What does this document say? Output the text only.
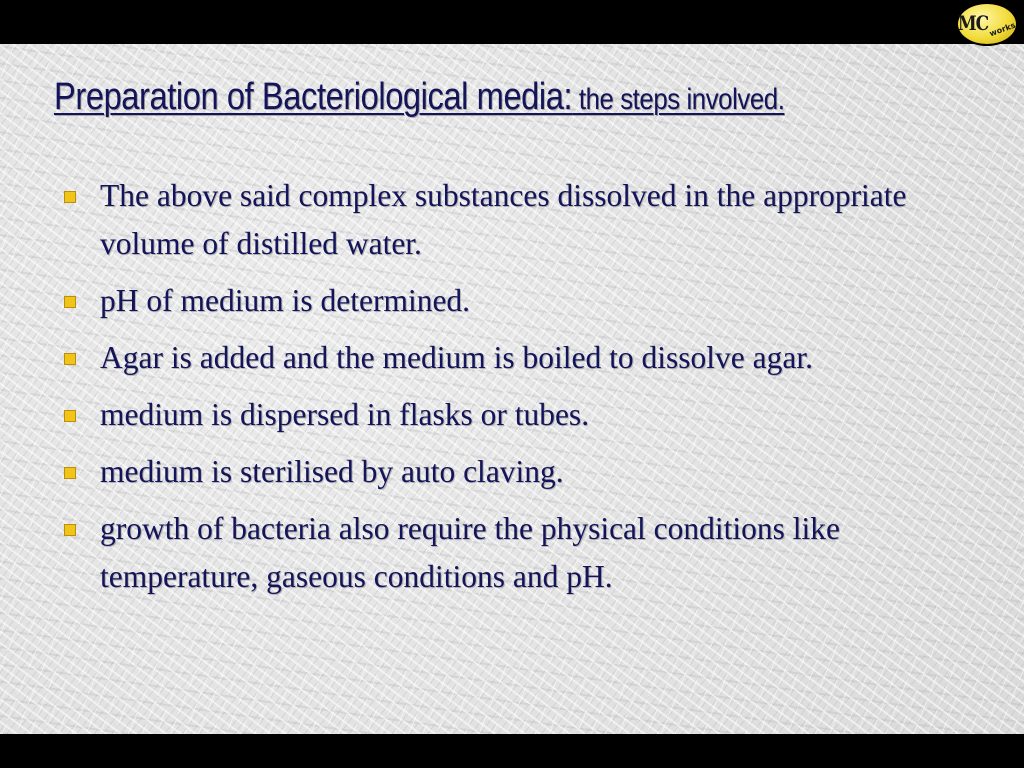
MC works
Preparation of Bacteriological media: the steps involved.
The above said complex substances dissolved in the appropriate volume of distilled water.
pH of medium is determined.
Agar is added and the medium is boiled to dissolve agar.
medium is dispersed in flasks or tubes.
medium is sterilised by auto claving.
growth of bacteria also require the physical conditions like temperature, gaseous conditions and pH.
